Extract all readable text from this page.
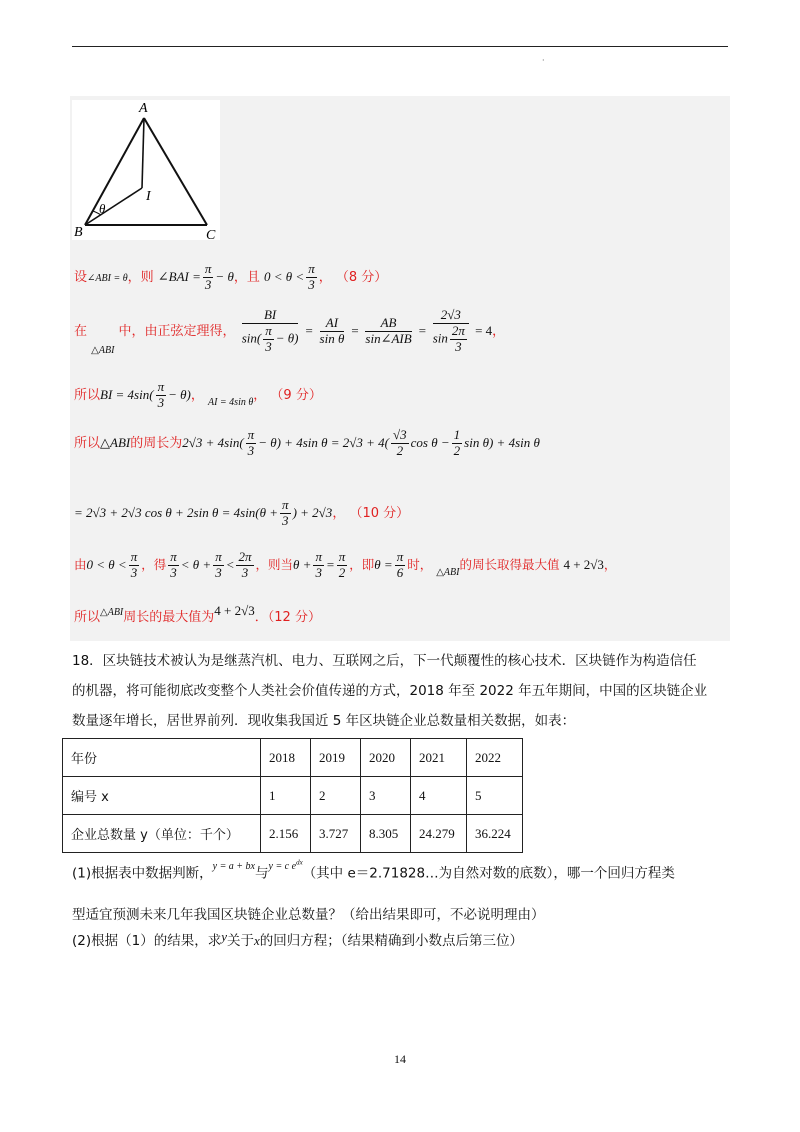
·
A
B	C
I
θ
设∠ABI = θ，则 ∠BAI = $\frac{\pi}{3} - \theta$，且 $0 < \theta < \frac{\pi}{3}$ ， （8 分）
在 $_{\triangle ABI}$ 中，由正弦定理得， $\frac{BI}{\sin( \frac{\pi}{3} - \theta)} = \frac{AI}{\text{sin θ}} = \frac{AB}{\text{sin∠AIB}} = \frac{2√3}{\sin \frac{2\pi}{3}} = 4$，
所以BI = $4\sin( \frac{\pi}{3} - \theta)$， $_{AI = 4sin \theta}$， （9 分）
所以△ABI的周长为$2√3 + 4\sin( \frac{\pi}{3} - \theta) + 4\sin$ $\theta = 2√3 + 4( \frac{√3}{2}$ $\cos \theta - \frac{1}{2}$ sin θ) + 4sin θ
= 2√3 + 2√3 cos θ + 2sin $\theta = 4\sin(\theta + \frac{\pi}{3}$ ) + 2√3， （10 分）
由$0 < \theta < \frac{\pi}{3}$ ，得 $\frac{\pi}{3} < \theta + \frac{\pi}{3} < \frac{2\pi}{3}$ ，则当$\theta + \frac{\pi}{3} = \frac{\pi}{2}$ ，即$\theta = \frac{\pi}{6}$ 时， $_{\triangle ABI}$的周长取得最大值 4 + 2√3，
所以$^{\triangle ABI}$周长的最大值为4 + 2√3．（12 分）
18．区块链技术被认为是继蒸汽机、电力、互联网之后，下一代颠覆性的核心技术．区块链作为构造信任
的机器，将可能彻底改变整个人类社会价值传递的方式，2018 年至 2022 年五年期间，中国的区块链企业
数量逐年增长，居世界前列．现收集我国近 5 年区块链企业总数量相关数据，如表：
年份	2018	2019	2020	2021	2022
编号 x	1	2	3	4	5
企业总数量 y（单位：千个）	2.156	3.727	8.305	24.279	36.224
(1)根据表中数据判断，$^{y = a + bx}$与$^{y = c e^{dx}}$（其中 e＝2.71828…为自然对数的底数），哪一个回归方程类
型适宜预测未来几年我国区块链企业总数量？（给出结果即可，不必说明理由）
(2)根据（1）的结果，求y关于x的回归方程；（结果精确到小数点后第三位）
14
